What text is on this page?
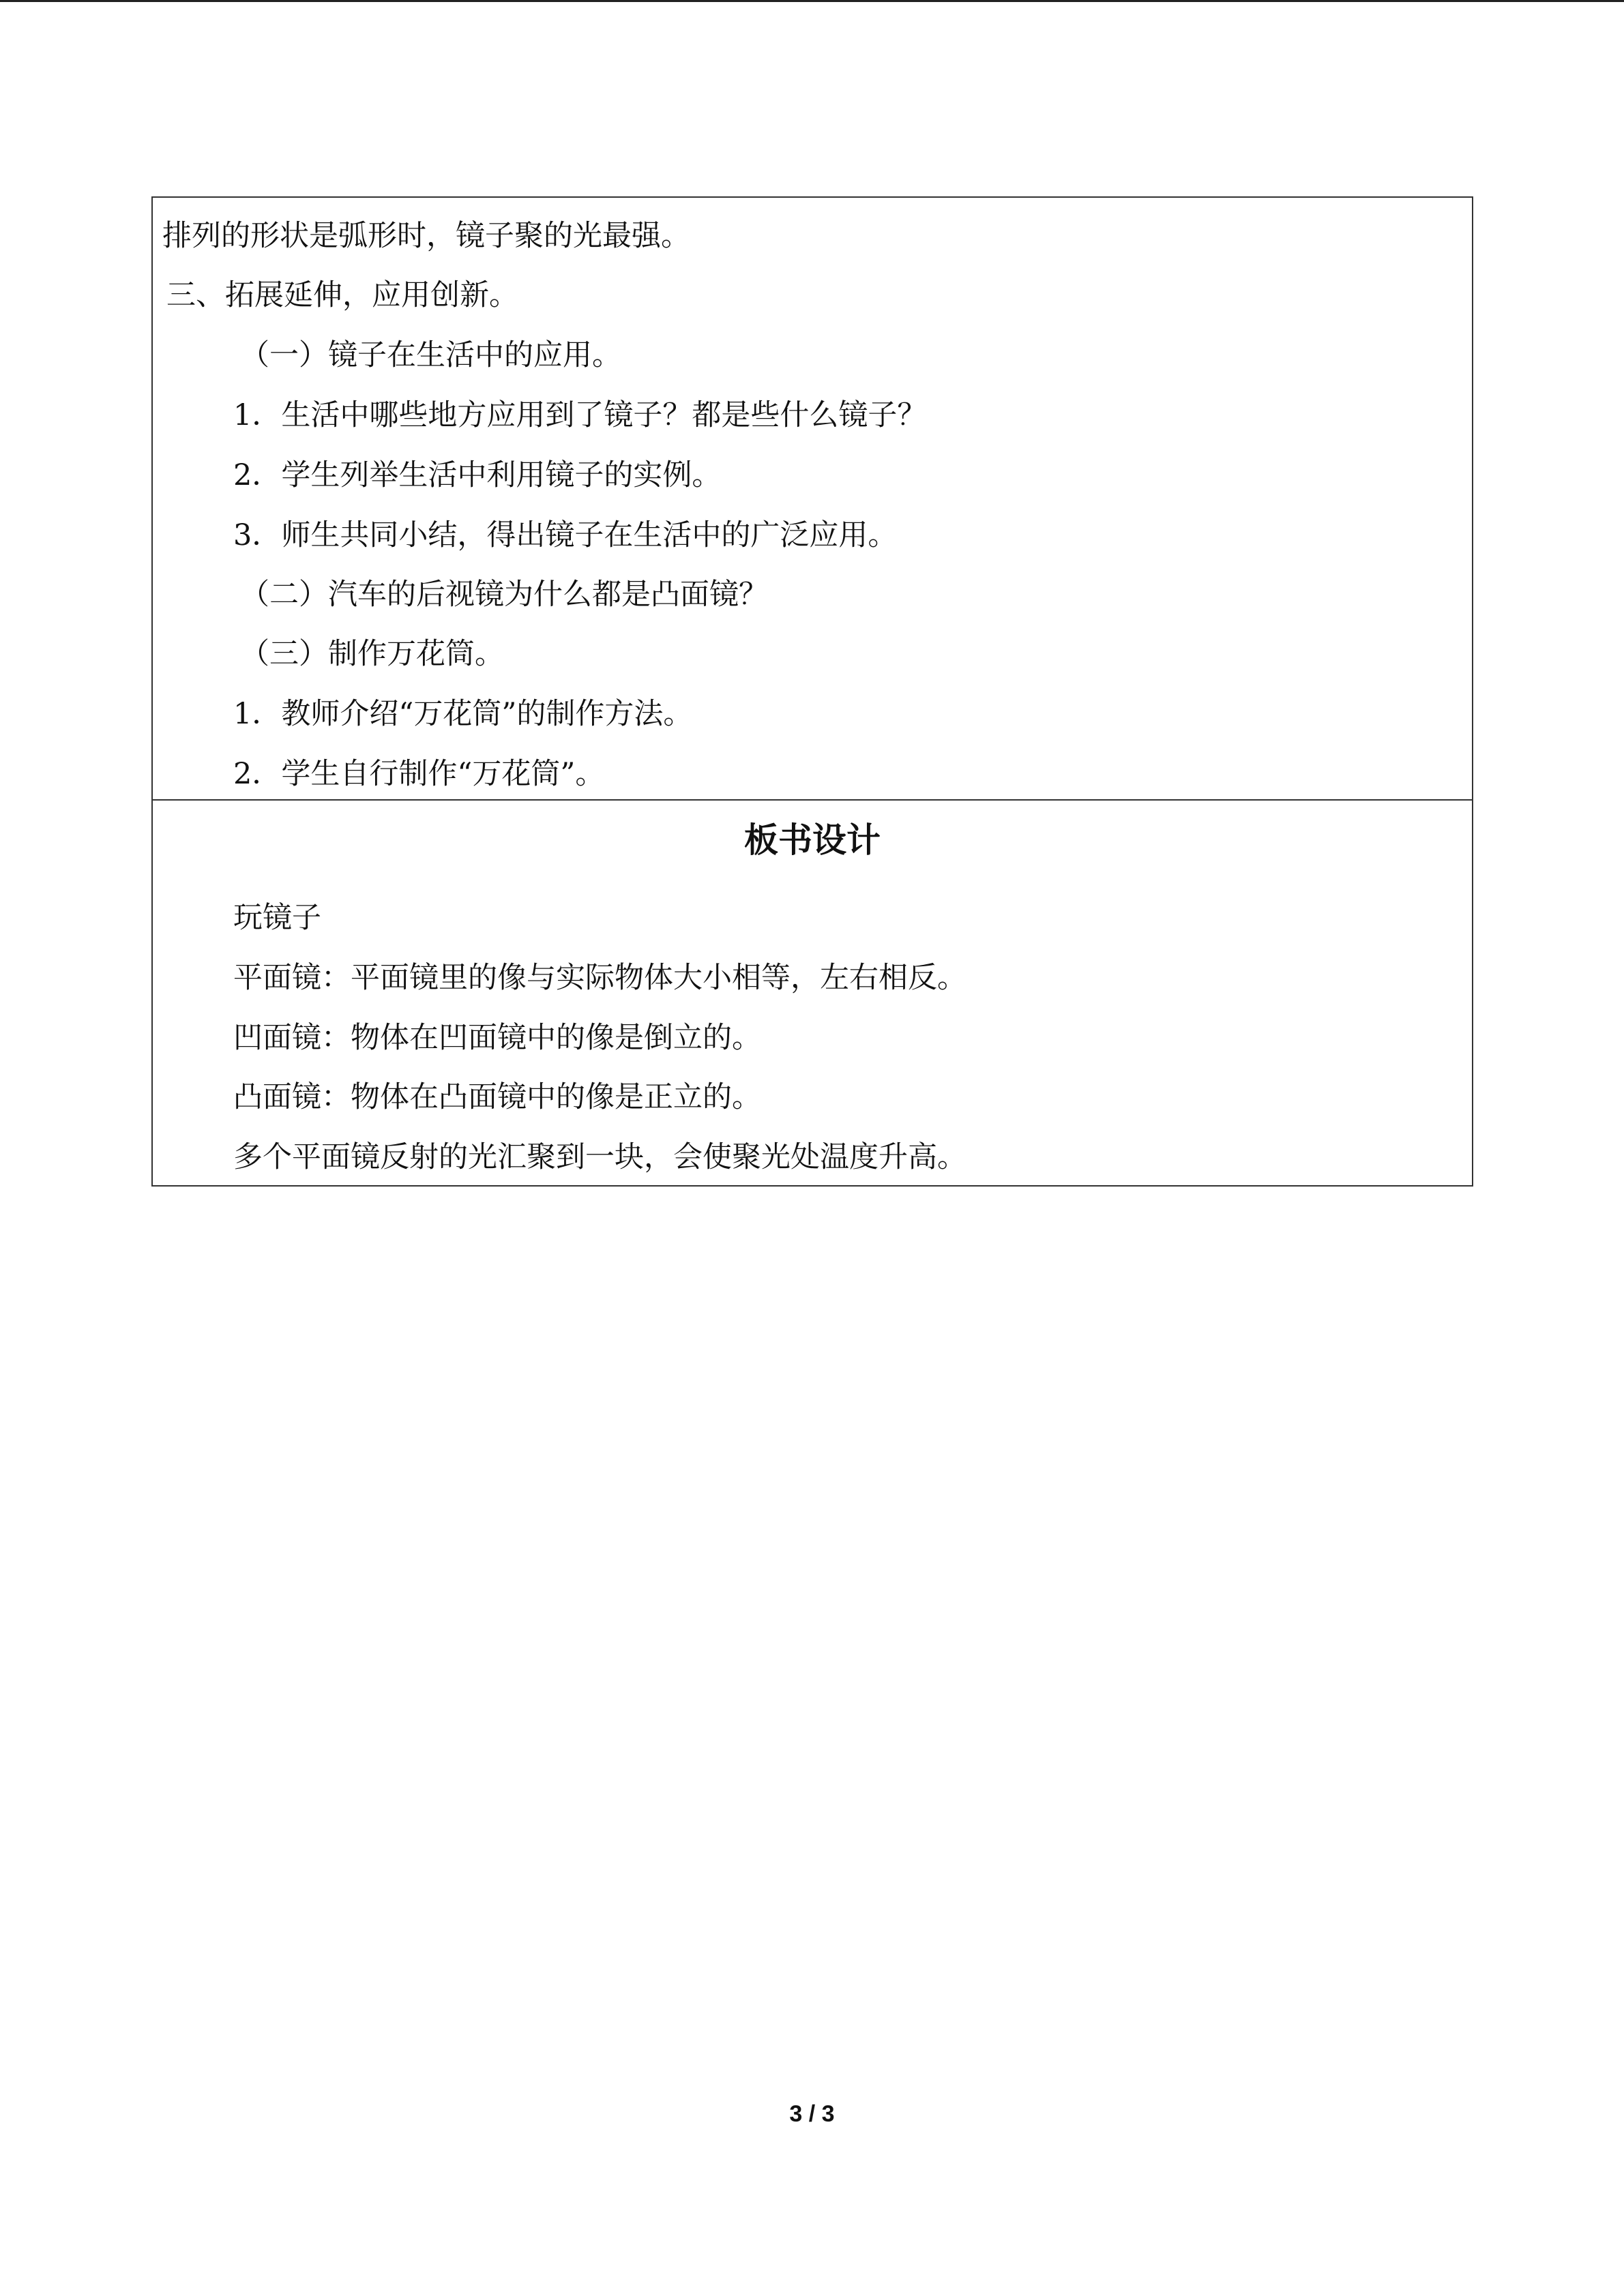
排列的形状是弧形时，镜子聚的光最强。
三、拓展延伸，应用创新。
（一）镜子在生活中的应用。
1．生活中哪些地方应用到了镜子？都是些什么镜子？
2．学生列举生活中利用镜子的实例。
3．师生共同小结，得出镜子在生活中的广泛应用。
（二）汽车的后视镜为什么都是凸面镜？
（三）制作万花筒。
1．教师介绍“万花筒”的制作方法。
2．学生自行制作“万花筒”。
板书设计
玩镜子
平面镜：平面镜里的像与实际物体大小相等，左右相反。
凹面镜：物体在凹面镜中的像是倒立的。
凸面镜：物体在凸面镜中的像是正立的。
多个平面镜反射的光汇聚到一块，会使聚光处温度升高。
3 / 3
